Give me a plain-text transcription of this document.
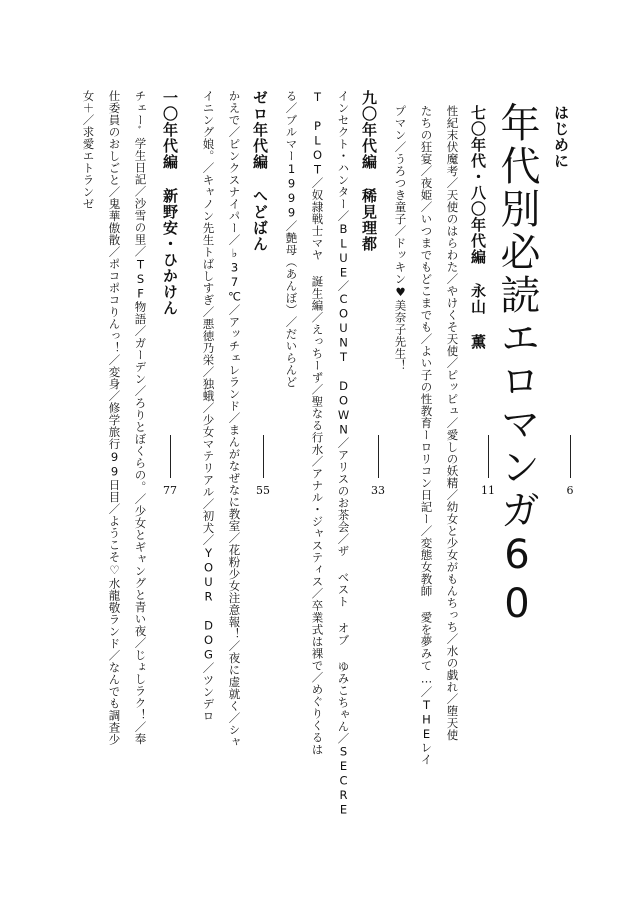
はじめに
6
年代別必読エロマンガ60
七〇年代・八〇年代編永山 薫
11
性紀末伏魔考／天使のはらわた／やけくそ天使／ピッピュ／愛しの妖精／幼女と少女がもんちっち／水の戯れ／堕天使
たちの狂宴／夜姫／いつまでもどこまでも／よい子の性教育ーロリコン日記ー／変態女教師 愛を夢みて…／THEレイ
プマン／うろつき童子／ドッキン♥美奈子先生！
九〇年代編稀見理都
33
インセクト・ハンター／BLUE／COUNT DOWN／アリスのお茶会／ザ ベスト オブ ゆみこちゃん／SECRE
T PLOT／奴隷戦士マヤ 誕生編／えっちーず／聖なる行水／アナル・ジャスティス／卒業式は裸で／めぐりくるは
る／ブルマー1999／艶母（あんぼ）／だいらんど
ゼロ年代編へどばん
55
かえで／ピンクスナイパー／♭37℃／アッチェレランド／まんがなぜなに教室／花粉少女注意報！／夜に虚就く／シャ
イニング娘。／キャノン先生トばしすぎ／悪徳乃栄／独蛾／少女マテリアル／初犬／YOUR DOG／ツンデロ
一〇年代編新野安・ひかけん
77
チェーﾞ学生日記／沙雪の里／TSF物語／ガーデン／ろりとぼくらの。／少女とギャングと青い夜／じょしラク！／奉
仕委員のおしごと／鬼華傲散／ポコポコりんっ！／変身／修学旅行99日目／ようこそ♡水龍敬ランド／なんでも調査少
女＋／求愛エトランゼ
